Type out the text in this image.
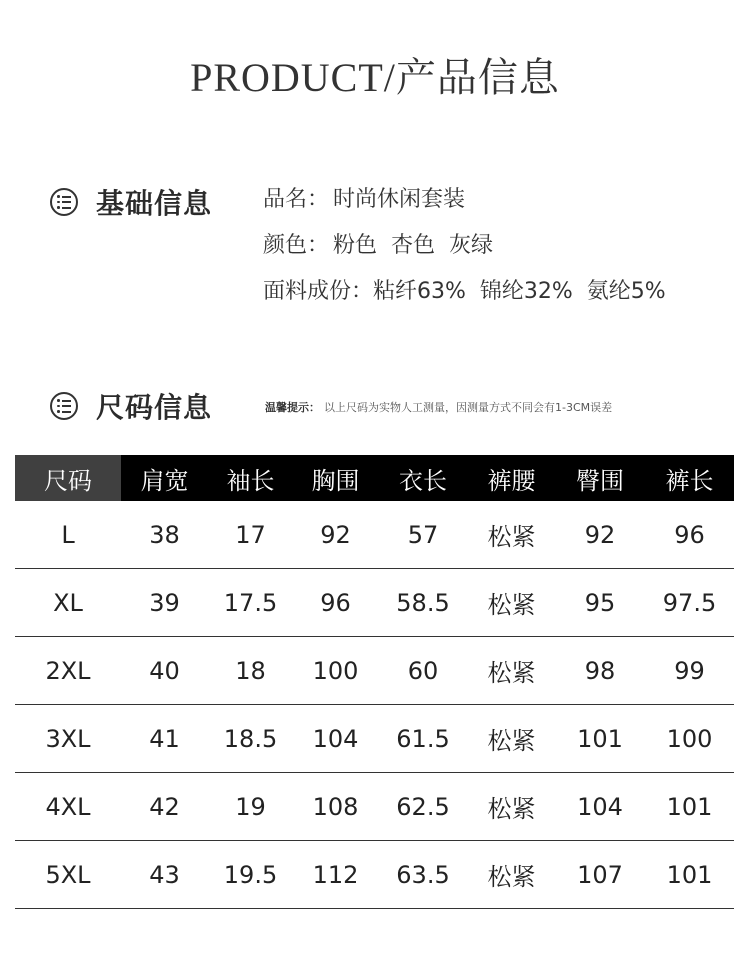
PRODUCT/产品信息
基础信息 品名： 时尚休闲套装
颜色： 粉色  杏色  灰绿
面料成份：粘纤63%  锦纶32%  氨纶5%
尺码信息	温馨提示： 以上尺码为实物人工测量，因测量方式不同会有1-3CM误差
尺码	肩宽	袖长	胸围	衣长	裤腰	臀围	裤长
L	38	17	92	57	松紧	92	96
XL	39	17.5	96	58.5	松紧	95	97.5
2XL	40	18	100	60	松紧	98	99
3XL	41	18.5	104	61.5	松紧	101	100
4XL	42	19	108	62.5	松紧	104	101
5XL	43	19.5	112	63.5	松紧	107	101
